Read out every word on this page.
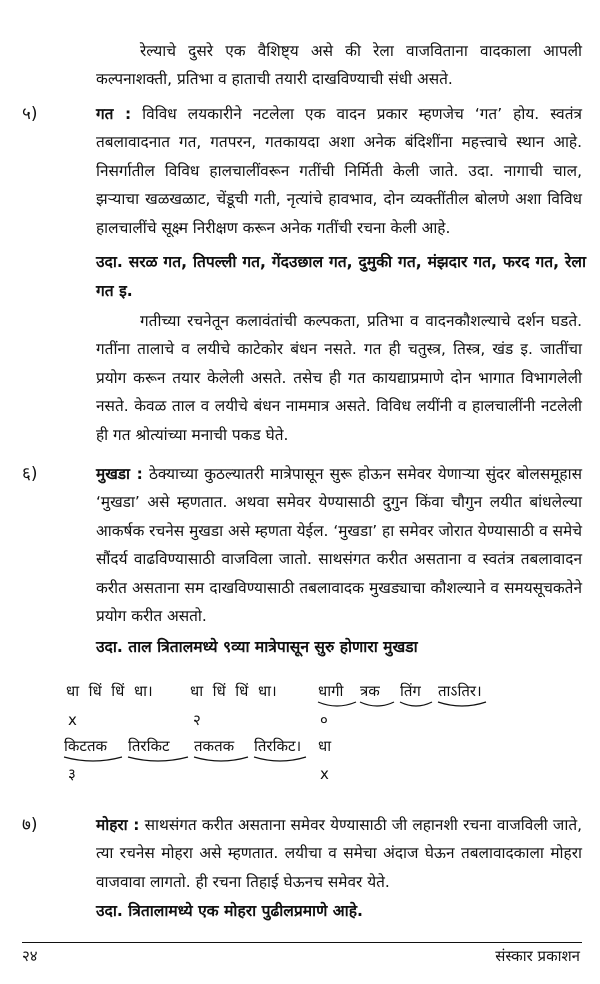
रेल्याचे दुसरे एक वैशिष्ट्य असे की रेला वाजविताना वादकाला आपली कल्पनाशक्ती, प्रतिभा व हाताची तयारी दाखविण्याची संधी असते.
५)	गत : विविध लयकारीने नटलेला एक वादन प्रकार म्हणजेच ‘गत’ होय. स्वतंत्र तबलावादनात गत, गतपरन, गतकायदा अशा अनेक बंदिशींना महत्त्वाचे स्थान आहे. निसर्गातील विविध हालचालींवरून गतींची निर्मिती केली जाते. उदा. नागाची चाल, झऱ्याचा खळखळाट, चेंडूची गती, नृत्यांचे हावभाव, दोन व्यक्तींतील बोलणे अशा विविध हालचालींचे सूक्ष्म निरीक्षण करून अनेक गतींची रचना केली आहे.
उदा. सरळ गत, तिपल्ली गत, गेंदउछाल गत, दुमुकी गत, मंझदार गत, फरद गत, रेला गत इ.
गतीच्या रचनेतून कलावंतांची कल्पकता, प्रतिभा व वादनकौशल्याचे दर्शन घडते. गतींना तालाचे व लयीचे काटेकोर बंधन नसते. गत ही चतुस्त्र, तिस्त्र, खंड इ. जातींचा प्रयोग करून तयार केलेली असते. तसेच ही गत कायद्याप्रमाणे दोन भागात विभागलेली नसते. केवळ ताल व लयीचे बंधन नाममात्र असते. विविध लयींनी व हालचालींनी नटलेली ही गत श्रोत्यांच्या मनाची पकड घेते.
६)	मुखडा : ठेक्याच्या कुठल्यातरी मात्रेपासून सुरू होऊन समेवर येणाऱ्या सुंदर बोलसमूहास ‘मुखडा’ असे म्हणतात. अथवा समेवर येण्यासाठी दुगुन किंवा चौगुन लयीत बांधलेल्या आकर्षक रचनेस मुखडा असे म्हणता येईल. ‘मुखडा’ हा समेवर जोरात येण्यासाठी व समेचे सौंदर्य वाढविण्यासाठी वाजविला जातो. साथसंगत करीत असताना व स्वतंत्र तबलावादन करीत असताना सम दाखविण्यासाठी तबलावादक मुखड्याचा कौशल्याने व समयसूचकतेने प्रयोग करीत असतो.
उदा. ताल त्रितालमध्ये ९व्या मात्रेपासून सुरु होणारा मुखडा
धा  धिं  धिं  धा। धा  धिं  धिं  धा।	धागी त्रक तिंग ताऽतिर।
x	२	०
किटतक तिरकिट तकतक तिरकिट। धा
३	x
७)	मोहरा : साथसंगत करीत असताना समेवर येण्यासाठी जी लहानशी रचना वाजविली जाते, त्या रचनेस मोहरा असे म्हणतात. लयीचा व समेचा अंदाज घेऊन तबलावादकाला मोहरा वाजवावा लागतो. ही रचना तिहाई घेऊनच समेवर येते.
उदा. त्रितालामध्ये एक मोहरा पुढीलप्रमाणे आहे.
२४	संस्कार प्रकाशन
